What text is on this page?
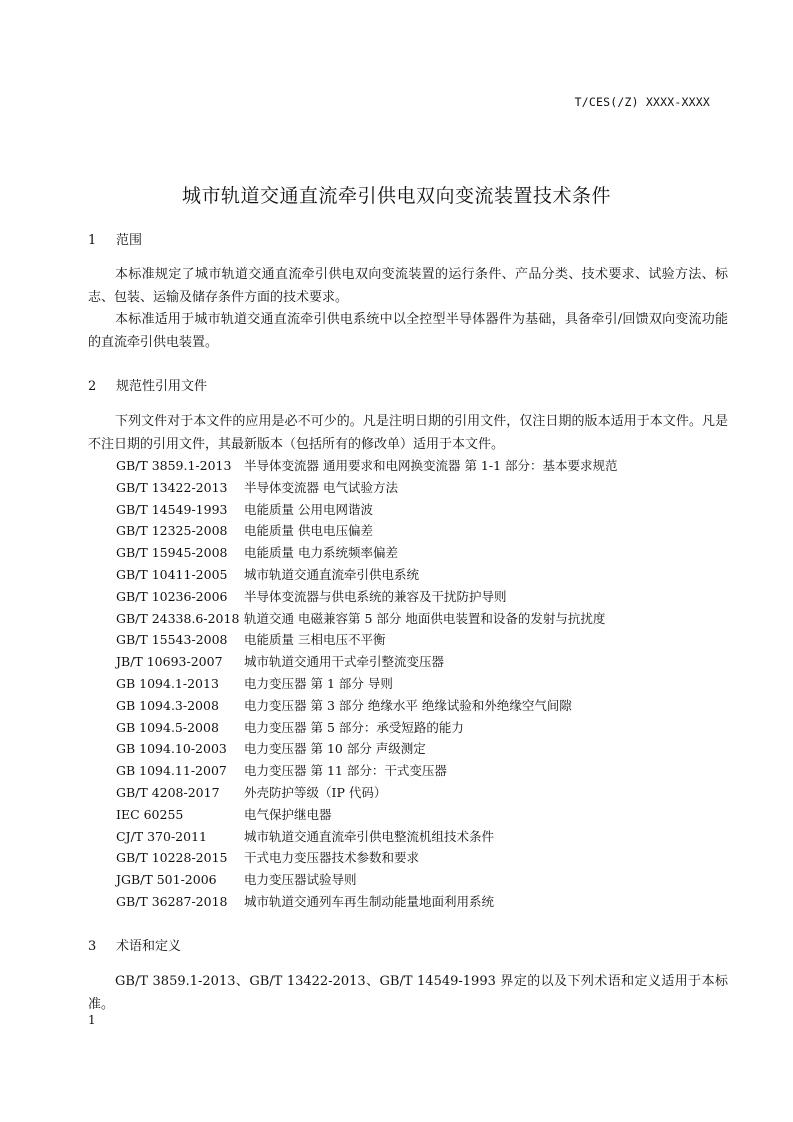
T/CES(/Z) XXXX-XXXX
城市轨道交通直流牵引供电双向变流装置技术条件
1 范围
本标准规定了城市轨道交通直流牵引供电双向变流装置的运行条件、产品分类、技术要求、试验方法、标志、包装、运输及储存条件方面的技术要求。
本标准适用于城市轨道交通直流牵引供电系统中以全控型半导体器件为基础，具备牵引/回馈双向变流功能的直流牵引供电装置。
2 规范性引用文件
下列文件对于本文件的应用是必不可少的。凡是注明日期的引用文件，仅注日期的版本适用于本文件。凡是不注日期的引用文件，其最新版本（包括所有的修改单）适用于本文件。
GB/T 3859.1-2013 半导体变流器 通用要求和电网换变流器 第 1-1 部分：基本要求规范
GB/T 13422-2013 半导体变流器 电气试验方法
GB/T 14549-1993 电能质量 公用电网谐波
GB/T 12325-2008 电能质量 供电电压偏差
GB/T 15945-2008 电能质量 电力系统频率偏差
GB/T 10411-2005 城市轨道交通直流牵引供电系统
GB/T 10236-2006 半导体变流器与供电系统的兼容及干扰防护导则
GB/T 24338.6-2018 轨道交通 电磁兼容第 5 部分 地面供电装置和设备的发射与抗扰度
GB/T 15543-2008 电能质量 三相电压不平衡
JB/T 10693-2007 城市轨道交通用干式牵引整流变压器
GB 1094.1-2013 电力变压器 第 1 部分 导则
GB 1094.3-2008 电力变压器 第 3 部分 绝缘水平 绝缘试验和外绝缘空气间隙
GB 1094.5-2008 电力变压器 第 5 部分：承受短路的能力
GB 1094.10-2003 电力变压器 第 10 部分 声级测定
GB 1094.11-2007 电力变压器 第 11 部分：干式变压器
GB/T 4208-2017 外壳防护等级（IP 代码）
IEC 60255	电气保护继电器
CJ/T 370-2011	城市轨道交通直流牵引供电整流机组技术条件
GB/T 10228-2015 干式电力变压器技术参数和要求
JGB/T 501-2006 电力变压器试验导则
GB/T 36287-2018 城市轨道交通列车再生制动能量地面利用系统
3 术语和定义
GB/T 3859.1-2013、GB/T 13422-2013、GB/T 14549-1993 界定的以及下列术语和定义适用于本标准。
1
